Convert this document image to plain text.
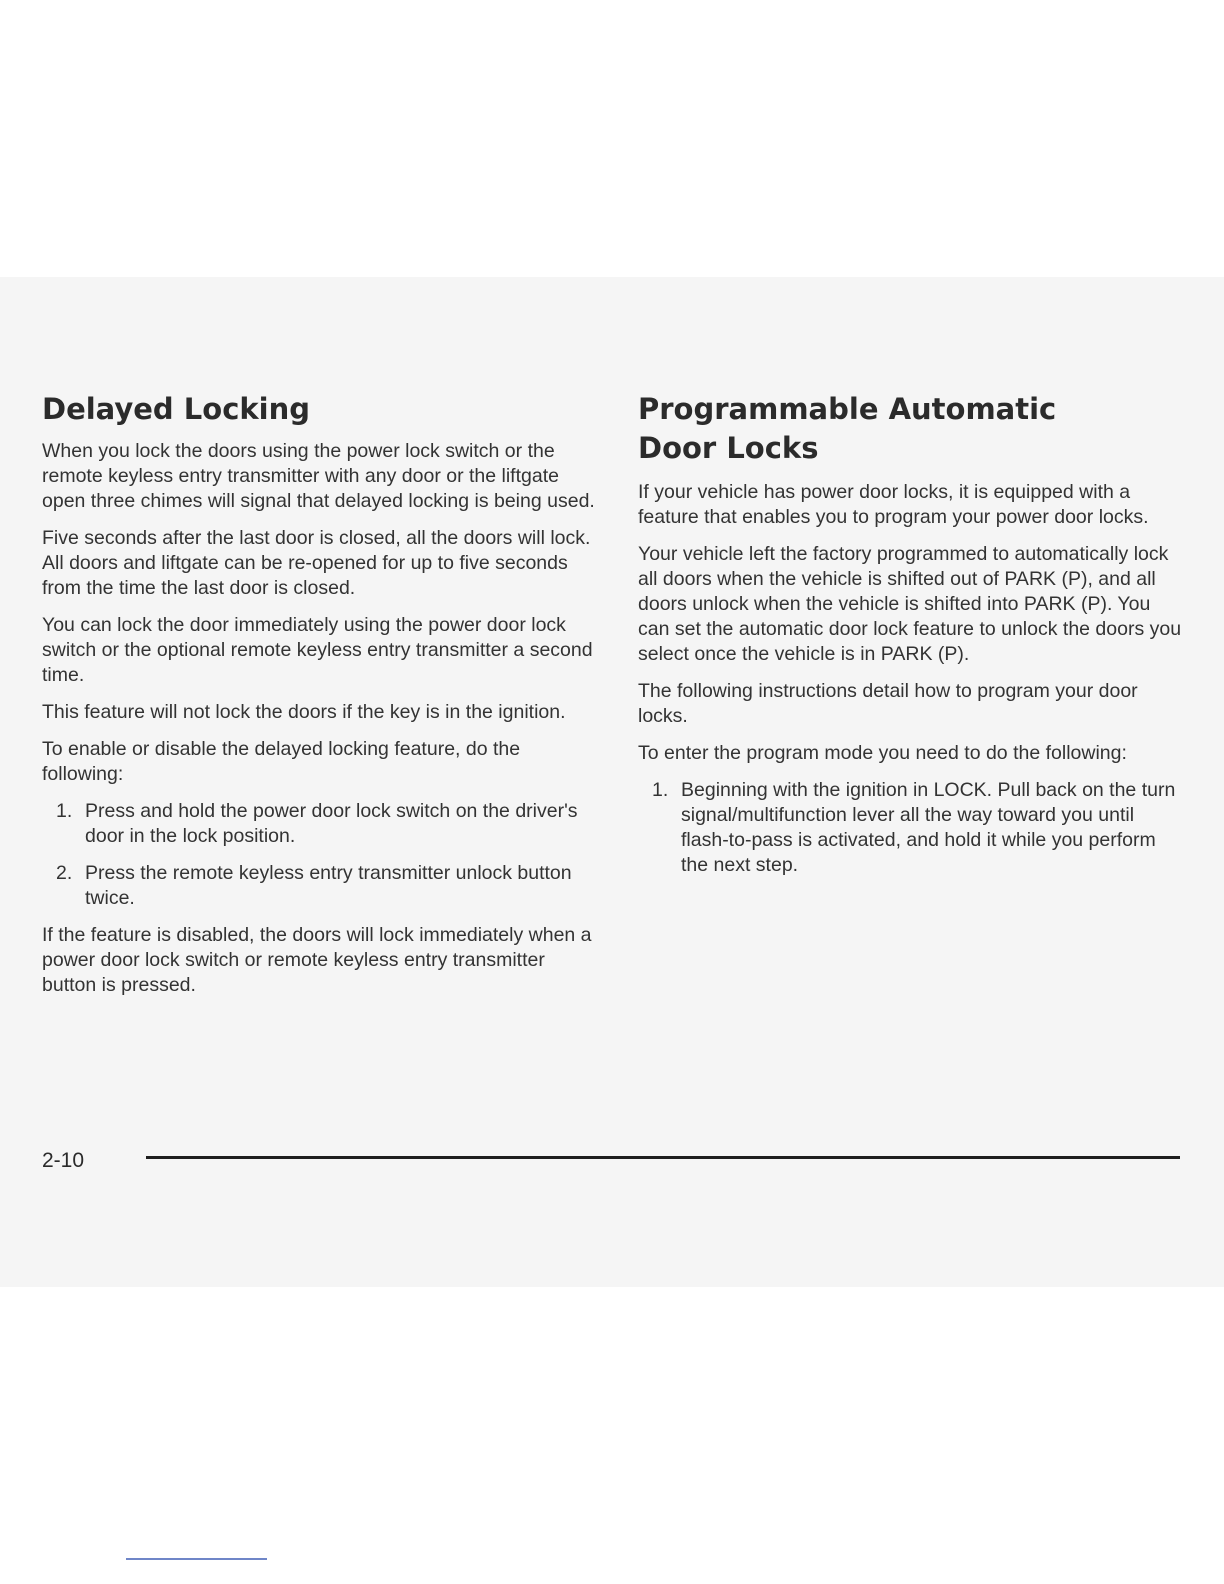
Delayed Locking

When you lock the doors using the power lock switch or the remote keyless entry transmitter with any door or the liftgate open three chimes will signal that delayed locking is being used.

Five seconds after the last door is closed, all the doors will lock. All doors and liftgate can be re-opened for up to five seconds from the time the last door is closed.

You can lock the door immediately using the power door lock switch or the optional remote keyless entry transmitter a second time.

This feature will not lock the doors if the key is in the ignition.

To enable or disable the delayed locking feature, do the following:

1. Press and hold the power door lock switch on the driver's door in the lock position.
2. Press the remote keyless entry transmitter unlock button twice.

If the feature is disabled, the doors will lock immediately when a power door lock switch or remote keyless entry transmitter button is pressed.

Programmable Automatic
Door Locks

If your vehicle has power door locks, it is equipped with a feature that enables you to program your power door locks.

Your vehicle left the factory programmed to automatically lock all doors when the vehicle is shifted out of PARK (P), and all doors unlock when the vehicle is shifted into PARK (P). You can set the automatic door lock feature to unlock the doors you select once the vehicle is in PARK (P).

The following instructions detail how to program your door locks.

To enter the program mode you need to do the following:

1. Beginning with the ignition in LOCK. Pull back on the turn signal/multifunction lever all the way toward you until flash-to-pass is activated, and hold it while you perform the next step.
2-10
